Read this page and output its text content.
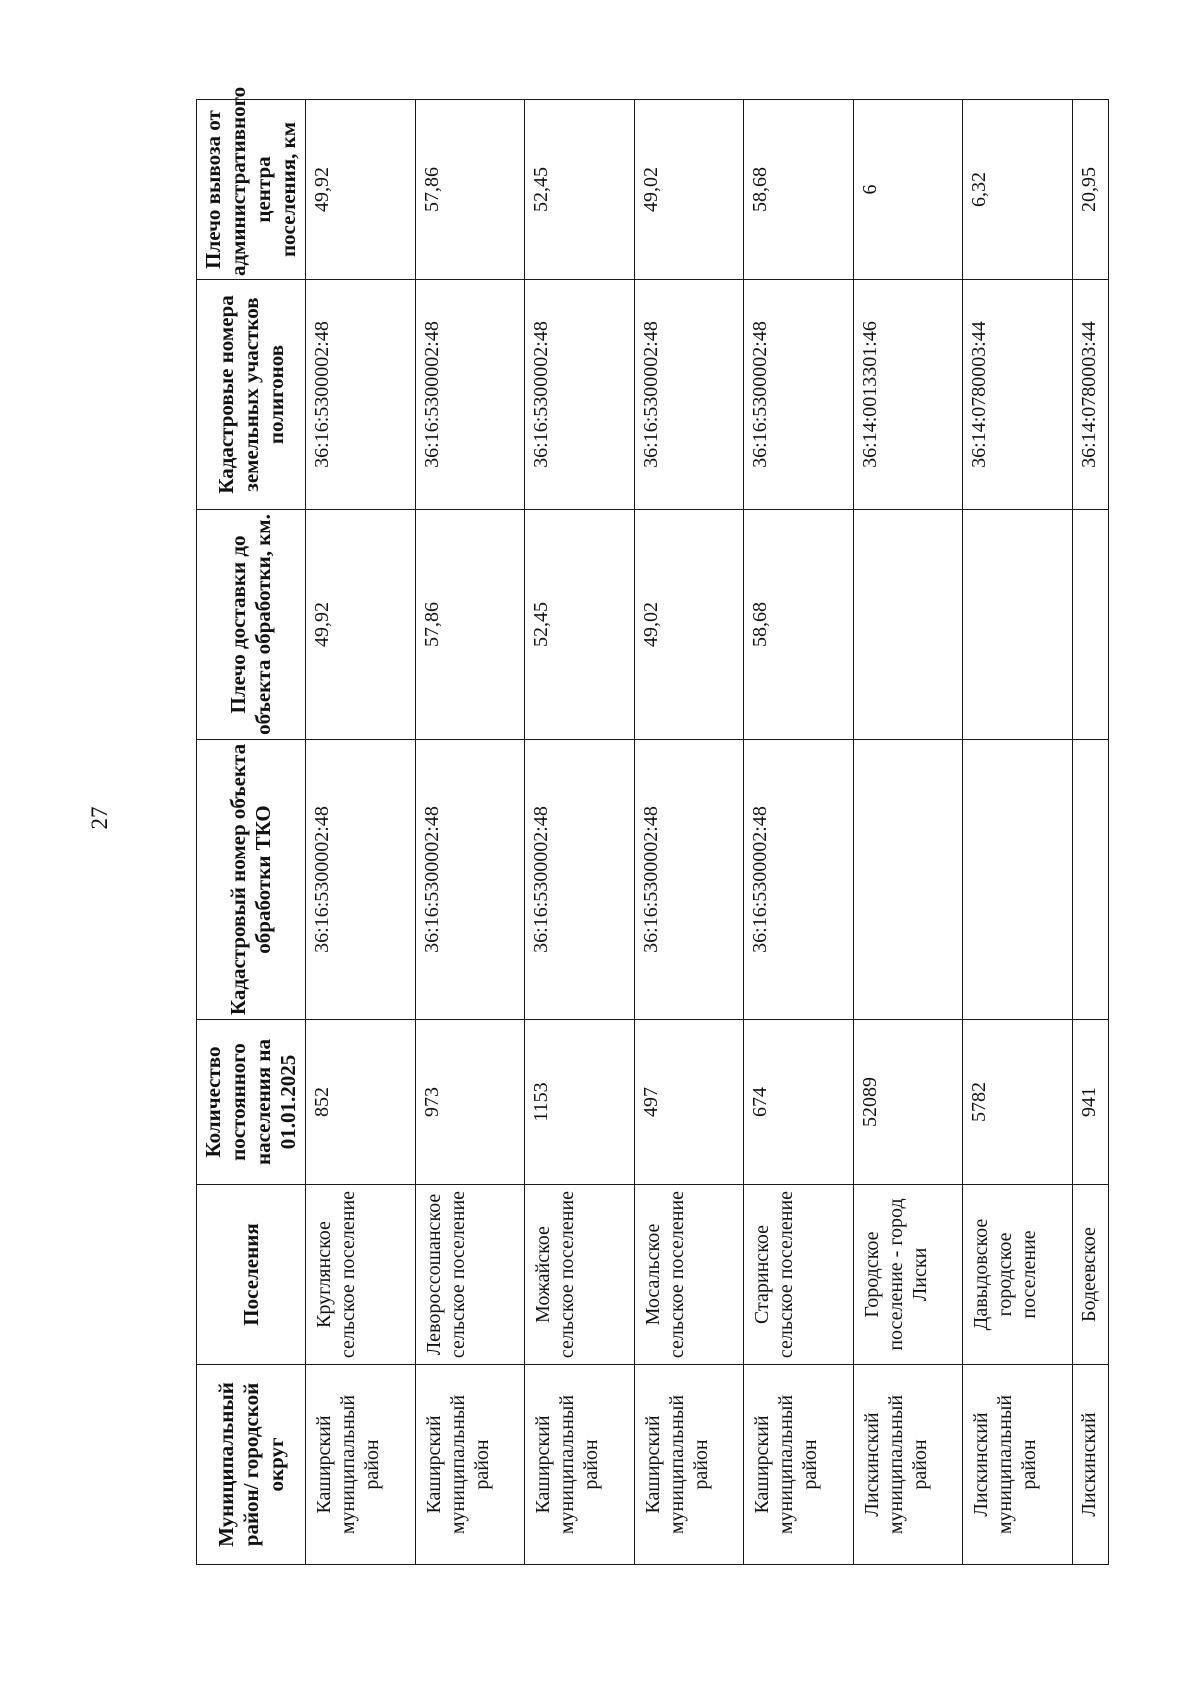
27
Муниципальный район/ городской округ	Поселения	Количество постоянного населения на 01.01.2025	Кадастровый номер объекта обработки ТКО	Плечо доставки до объекта обработки, км.	Кадастровые номера земельных участков полигонов	Плечо вывоза от административного центра поселения, км
Каширский муниципальный район	Круглянское сельское поселение	852	36:16:5300002:48	49,92	36:16:5300002:48	49,92
Каширский муниципальный район	Левороссошанское сельское поселение	973	36:16:5300002:48	57,86	36:16:5300002:48	57,86
Каширский муниципальный район	Можайское сельское поселение	1153	36:16:5300002:48	52,45	36:16:5300002:48	52,45
Каширский муниципальный район	Мосальское сельское поселение	497	36:16:5300002:48	49,02	36:16:5300002:48	49,02
Каширский муниципальный район	Старинское сельское поселение	674	36:16:5300002:48	58,68	36:16:5300002:48	58,68
Лискинский муниципальный район	Городское поселение - город Лиски	52089			36:14:0013301:46	6
Лискинский муниципальный район	Давыдовское городское поселение	5782			36:14:0780003:44	6,32
Лискинский	Бодеевское	941			36:14:0780003:44	20,95
